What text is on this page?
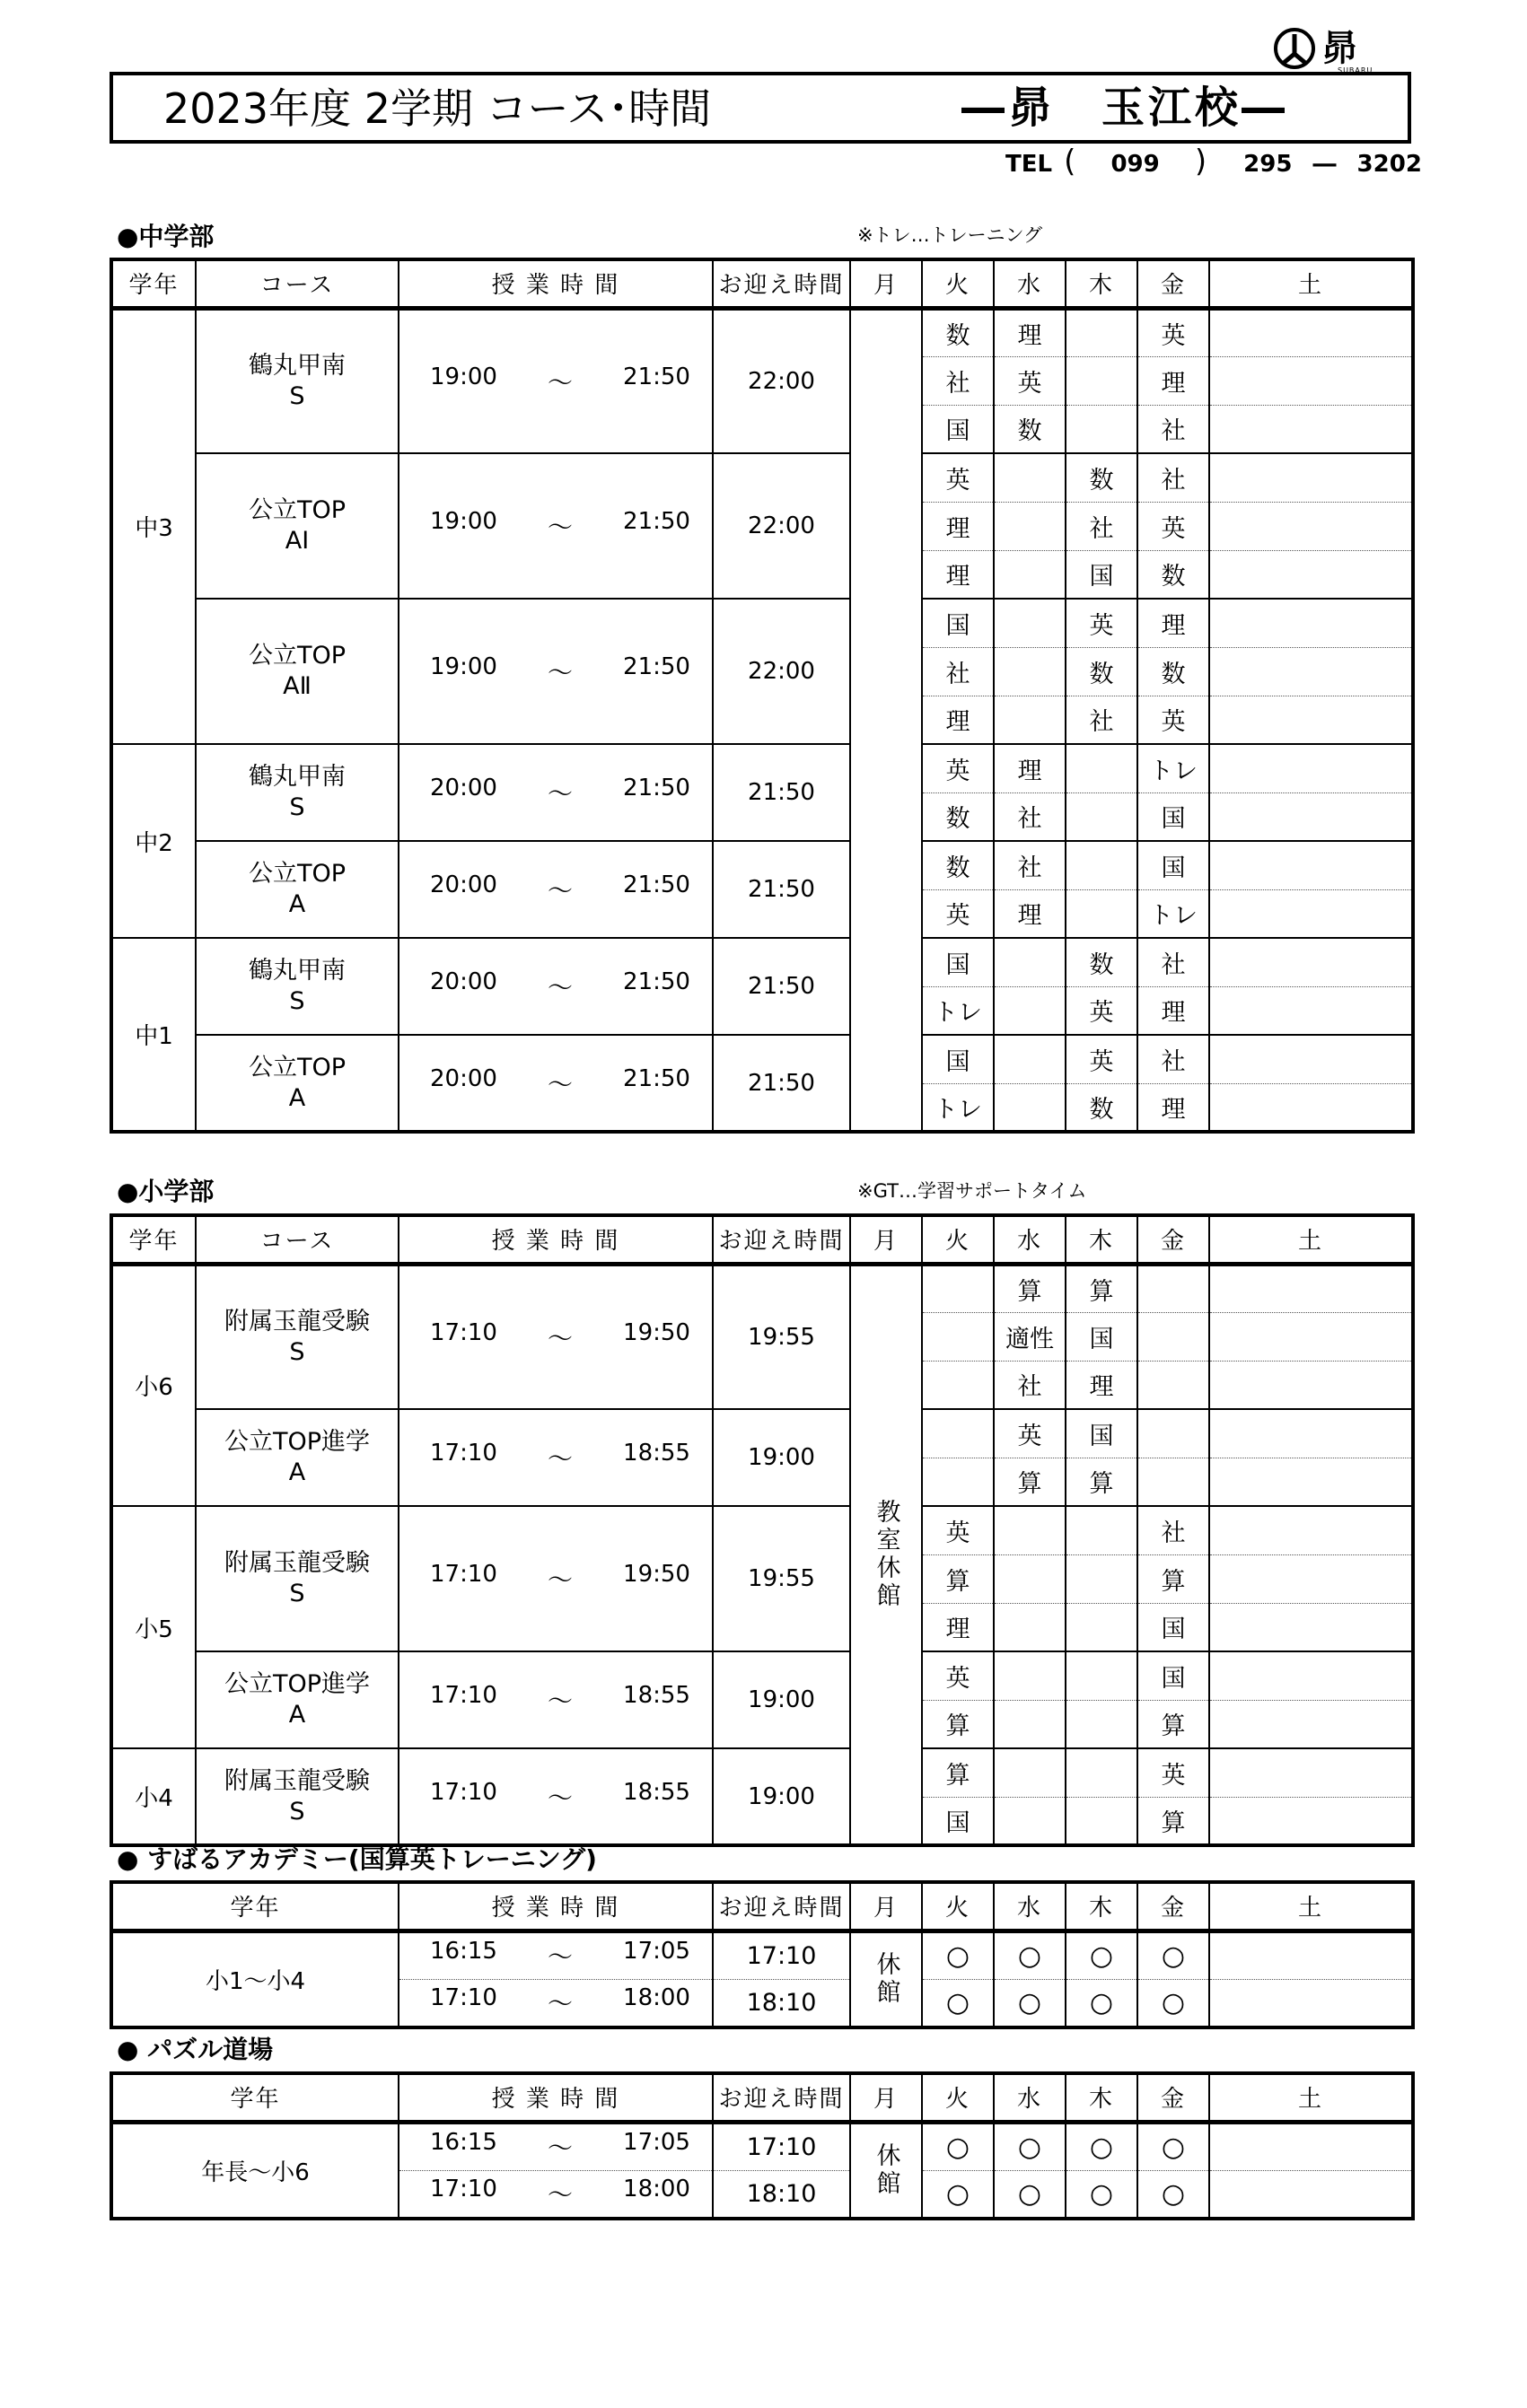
昴
SUBARU
2023年度 2学期 コース･時間	―昴　玉江校―
TEL ( 099 ) 295 ― 3202
●中学部	※トレ…トレーニング
学年	コース	授 業 時 間	お迎え時間	月	火	水	木	金	土
中3	鶴丸甲南
S	19:00 ～ 21:50	22:00		数	理		英	
					社	英		理	
					国	数		社	

	公立TOP
AⅠ	19:00 ～ 21:50	22:00		英		数	社	
					理		社	英	
					理		国	数	

	公立TOP
AⅡ	19:00 ～ 21:50	22:00		国		英	理	
					社		数	数	
					理		社	英	
中2	鶴丸甲南
S	20:00 ～ 21:50	21:50		英	理		トレ	
					数	社		国	

	公立TOP
A	20:00 ～ 21:50	21:50		数	社		国	
					英	理		トレ	
中1	鶴丸甲南
S	20:00 ～ 21:50	21:50		国		数	社	
					トレ		英	理	

	公立TOP
A	20:00 ～ 21:50	21:50		国		英	社	
					トレ		数	理	
●小学部	※GT…学習サポートタイム
学年	コース	授 業 時 間	お迎え時間	月	火	水	木	金	土
小6	附属玉龍受験
S	17:10 ～ 19:50	19:55	教室休館		算	算		
						適性	国		
						社	理		

	公立TOP進学
A	17:10 ～ 18:55	19:00			英	国		
						算	算		
小5	附属玉龍受験
S	17:10 ～ 19:50	19:55		英			社	
					算			算	
					理			国	

	公立TOP進学
A	17:10 ～ 18:55	19:00		英			国	
					算			算	
小4	附属玉龍受験
S	17:10 ～ 18:55	19:00		算			英	
					国			算	
● すばるアカデミー(国算英トレーニング)
学年	授 業 時 間	お迎え時間	月	火	水	木	金	土
小1～小4	16:15 ～ 17:05	17:10	休館	○	○	○	○	

	17:10 ～ 18:00	18:10		○	○	○	○	
● パズル道場
学年	授 業 時 間	お迎え時間	月	火	水	木	金	土
年長～小6	16:15 ～ 17:05	17:10	休館	○	○	○	○	

	17:10 ～ 18:00	18:10		○	○	○	○	
